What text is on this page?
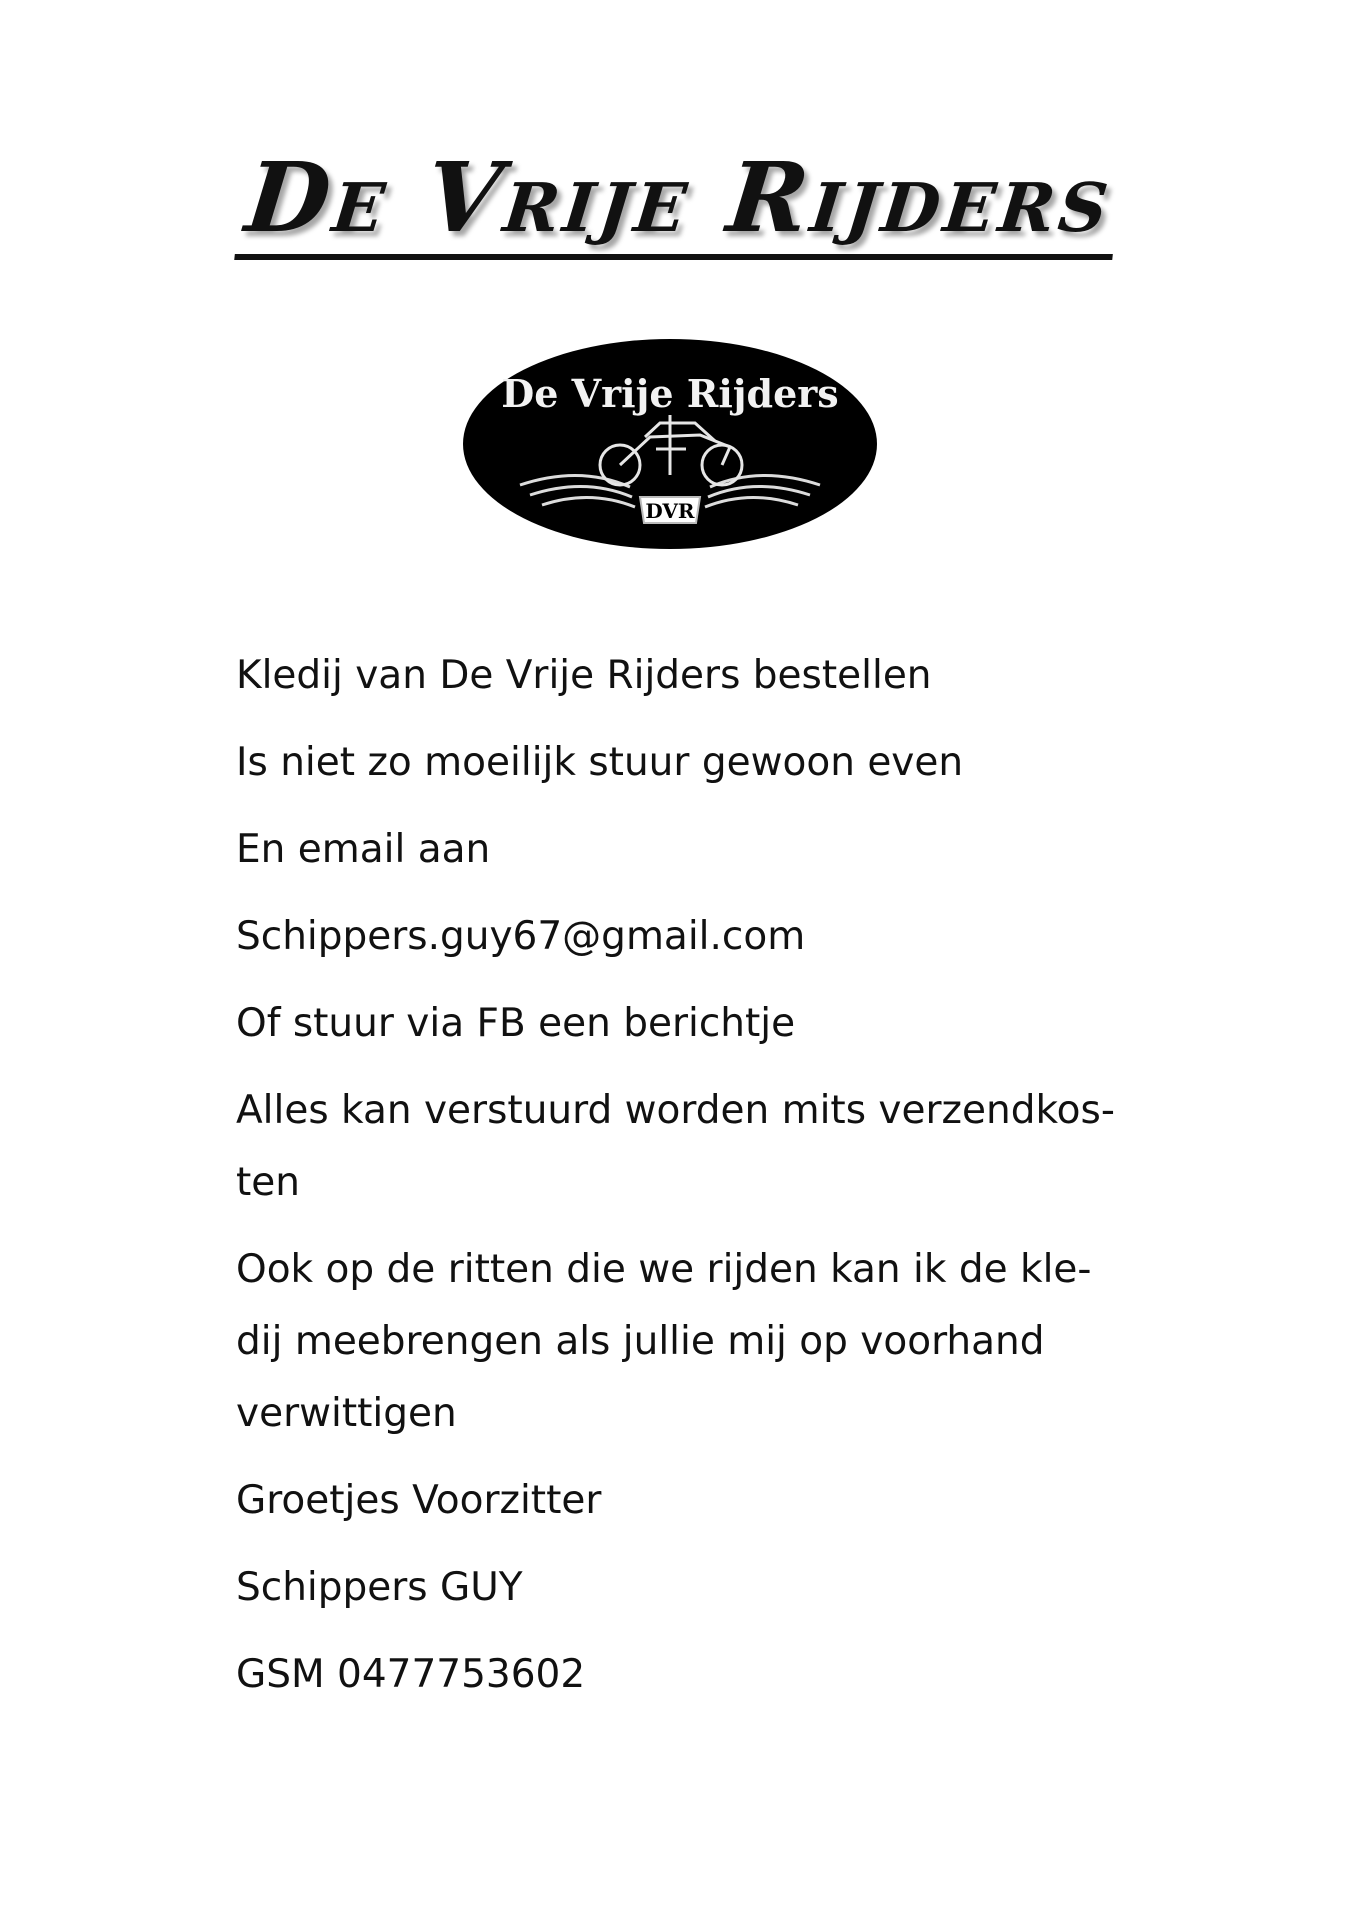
De Vrije Rijders
De Vrije Rijders
DVR

Kledij van De Vrije Rijders bestellen

Is niet zo moeilijk stuur gewoon even

En email aan

Schippers.guy67@gmail.com

Of stuur via FB een berichtje

Alles kan verstuurd worden mits verzendkos-ten

Ook op de ritten die we rijden kan ik de kle-dij meebrengen als jullie mij op voorhand verwittigen

Groetjes Voorzitter

Schippers GUY

GSM 0477753602
